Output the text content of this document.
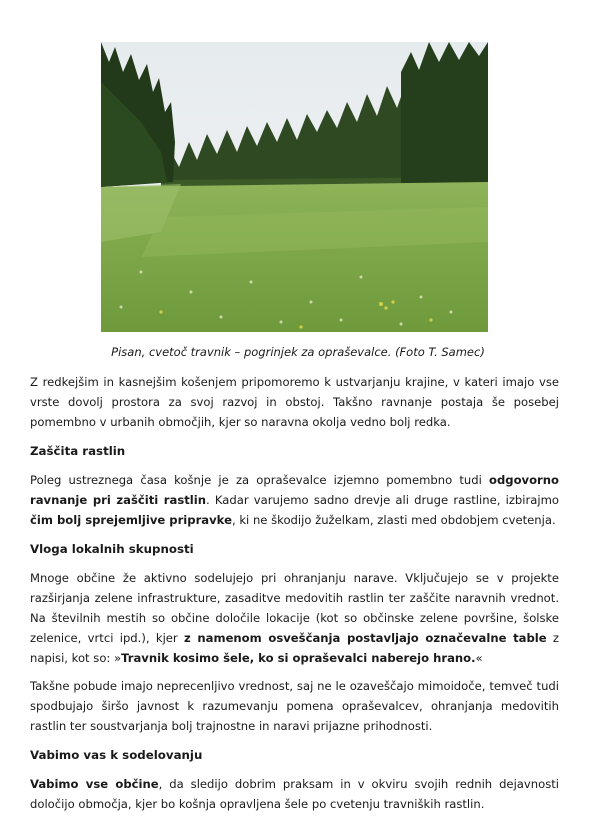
Pisan, cvetoč travnik – pogrinjek za opraševalce. (Foto T. Samec)

Z redkejšim in kasnejšim košenjem pripomoremo k ustvarjanju krajine, v kateri imajo vse vrste dovolj prostora za svoj razvoj in obstoj. Takšno ravnanje postaja še posebej pomembno v urbanih območjih, kjer so naravna okolja vedno bolj redka.

Zaščita rastlin

Poleg ustreznega časa košnje je za opraševalce izjemno pomembno tudi odgovorno ravnanje pri zaščiti rastlin. Kadar varujemo sadno drevje ali druge rastline, izbirajmo čim bolj sprejemljive pripravke, ki ne škodijo žuželkam, zlasti med obdobjem cvetenja.

Vloga lokalnih skupnosti

Mnoge občine že aktivno sodelujejo pri ohranjanju narave. Vključujejo se v projekte razširjanja zelene infrastrukture, zasaditve medovitih rastlin ter zaščite naravnih vrednot. Na številnih mestih so občine določile lokacije (kot so občinske zelene površine, šolske zelenice, vrtci ipd.), kjer z namenom osveščanja postavljajo označevalne table z napisi, kot so: »Travnik kosimo šele, ko si opraševalci naberejo hrano.«

Takšne pobude imajo neprecenljivo vrednost, saj ne le ozaveščajo mimoidoče, temveč tudi spodbujajo širšo javnost k razumevanju pomena opraševalcev, ohranjanja medovitih rastlin ter soustvarjanja bolj trajnostne in naravi prijazne prihodnosti.

Vabimo vas k sodelovanju

Vabimo vse občine, da sledijo dobrim praksam in v okviru svojih rednih dejavnosti določijo območja, kjer bo košnja opravljena šele po cvetenju travniških rastlin.
